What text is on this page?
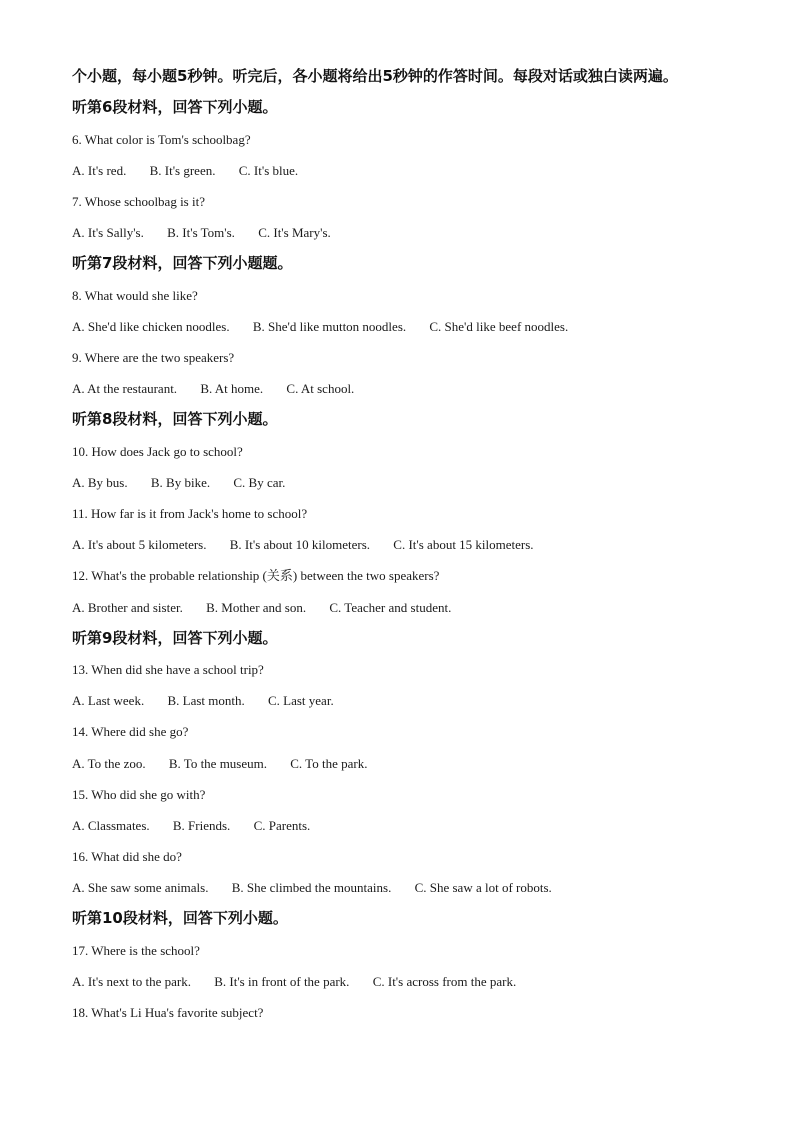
个小题，每小题5秒钟。听完后，各小题将给出5秒钟的作答时间。每段对话或独白读两遍。
听第6段材料，回答下列小题。
6. What color is Tom's schoolbag?
A. It's red. B. It's green. C. It's blue.
7. Whose schoolbag is it?
A. It's Sally's. B. It's Tom's. C. It's Mary's.
听第7段材料，回答下列小题题。
8. What would she like?
A. She'd like chicken noodles. B. She'd like mutton noodles. C. She'd like beef noodles.
9. Where are the two speakers?
A. At the restaurant. B. At home. C. At school.
听第8段材料，回答下列小题。
10. How does Jack go to school?
A. By bus. B. By bike. C. By car.
11. How far is it from Jack's home to school?
A. It's about 5 kilometers. B. It's about 10 kilometers. C. It's about 15 kilometers.
12. What's the probable relationship (关系) between the two speakers?
A. Brother and sister. B. Mother and son. C. Teacher and student.
听第9段材料，回答下列小题。
13. When did she have a school trip?
A. Last week. B. Last month. C. Last year.
14. Where did she go?
A. To the zoo. B. To the museum. C. To the park.
15. Who did she go with?
A. Classmates. B. Friends. C. Parents.
16. What did she do?
A. She saw some animals. B. She climbed the mountains. C. She saw a lot of robots.
听第10段材料，回答下列小题。
17. Where is the school?
A. It's next to the park. B. It's in front of the park. C. It's across from the park.
18. What's Li Hua's favorite subject?
